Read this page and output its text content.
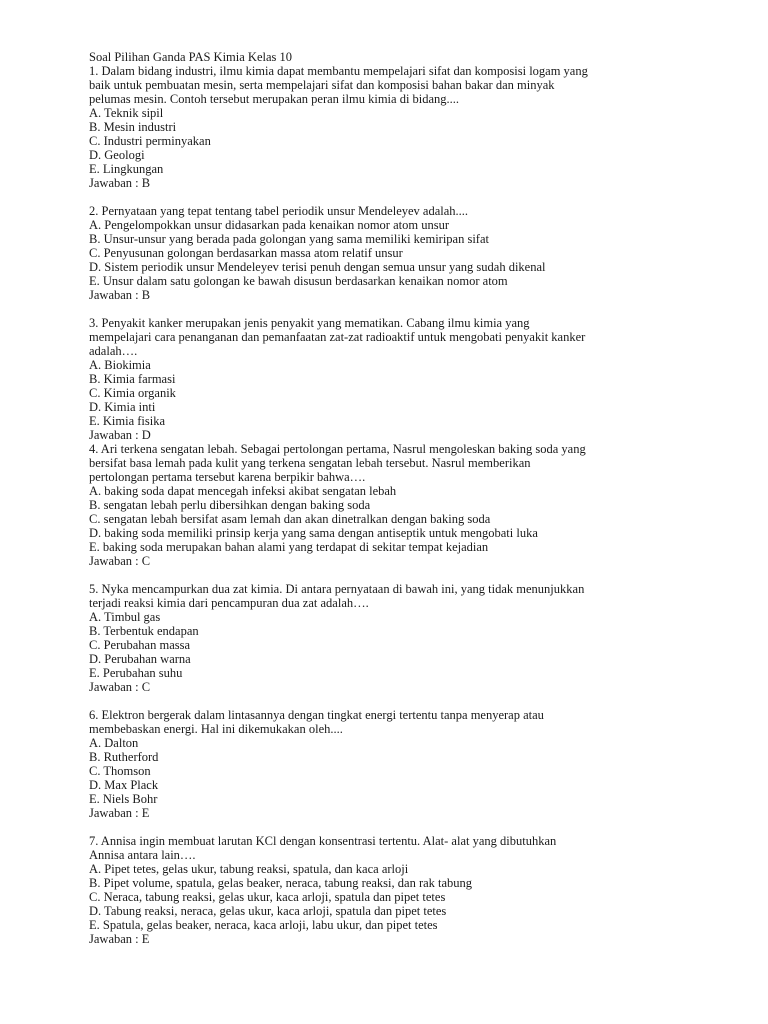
Soal Pilihan Ganda PAS Kimia Kelas 10
1. Dalam bidang industri, ilmu kimia dapat membantu mempelajari sifat dan komposisi logam yang
baik untuk pembuatan mesin, serta mempelajari sifat dan komposisi bahan bakar dan minyak
pelumas mesin. Contoh tersebut merupakan peran ilmu kimia di bidang....
A. Teknik sipil
B. Mesin industri
C. Industri perminyakan
D. Geologi
E. Lingkungan
Jawaban : B
2. Pernyataan yang tepat tentang tabel periodik unsur Mendeleyev adalah....
A. Pengelompokkan unsur didasarkan pada kenaikan nomor atom unsur
B. Unsur-unsur yang berada pada golongan yang sama memiliki kemiripan sifat
C. Penyusunan golongan berdasarkan massa atom relatif unsur
D. Sistem periodik unsur Mendeleyev terisi penuh dengan semua unsur yang sudah dikenal
E. Unsur dalam satu golongan ke bawah disusun berdasarkan kenaikan nomor atom
Jawaban : B
3. Penyakit kanker merupakan jenis penyakit yang mematikan. Cabang ilmu kimia yang
mempelajari cara penanganan dan pemanfaatan zat-zat radioaktif untuk mengobati penyakit kanker
adalah….
A. Biokimia
B. Kimia farmasi
C. Kimia organik
D. Kimia inti
E. Kimia fisika
Jawaban : D
4. Ari terkena sengatan lebah. Sebagai pertolongan pertama, Nasrul mengoleskan baking soda yang
bersifat basa lemah pada kulit yang terkena sengatan lebah tersebut. Nasrul memberikan
pertolongan pertama tersebut karena berpikir bahwa….
A. baking soda dapat mencegah infeksi akibat sengatan lebah
B. sengatan lebah perlu dibersihkan dengan baking soda
C. sengatan lebah bersifat asam lemah dan akan dinetralkan dengan baking soda
D. baking soda memiliki prinsip kerja yang sama dengan antiseptik untuk mengobati luka
E. baking soda merupakan bahan alami yang terdapat di sekitar tempat kejadian
Jawaban : C
5. Nyka mencampurkan dua zat kimia. Di antara pernyataan di bawah ini, yang tidak menunjukkan
terjadi reaksi kimia dari pencampuran dua zat adalah….
A. Timbul gas
B. Terbentuk endapan
C. Perubahan massa
D. Perubahan warna
E. Perubahan suhu
Jawaban : C
6. Elektron bergerak dalam lintasannya dengan tingkat energi tertentu tanpa menyerap atau
membebaskan energi. Hal ini dikemukakan oleh....
A. Dalton
B. Rutherford
C. Thomson
D. Max Plack
E. Niels Bohr
Jawaban : E
7. Annisa ingin membuat larutan KCl dengan konsentrasi tertentu. Alat- alat yang dibutuhkan
Annisa antara lain….
A. Pipet tetes, gelas ukur, tabung reaksi, spatula, dan kaca arloji
B. Pipet volume, spatula, gelas beaker, neraca, tabung reaksi, dan rak tabung
C. Neraca, tabung reaksi, gelas ukur, kaca arloji, spatula dan pipet tetes
D. Tabung reaksi, neraca, gelas ukur, kaca arloji, spatula dan pipet tetes
E. Spatula, gelas beaker, neraca, kaca arloji, labu ukur, dan pipet tetes
Jawaban : E
